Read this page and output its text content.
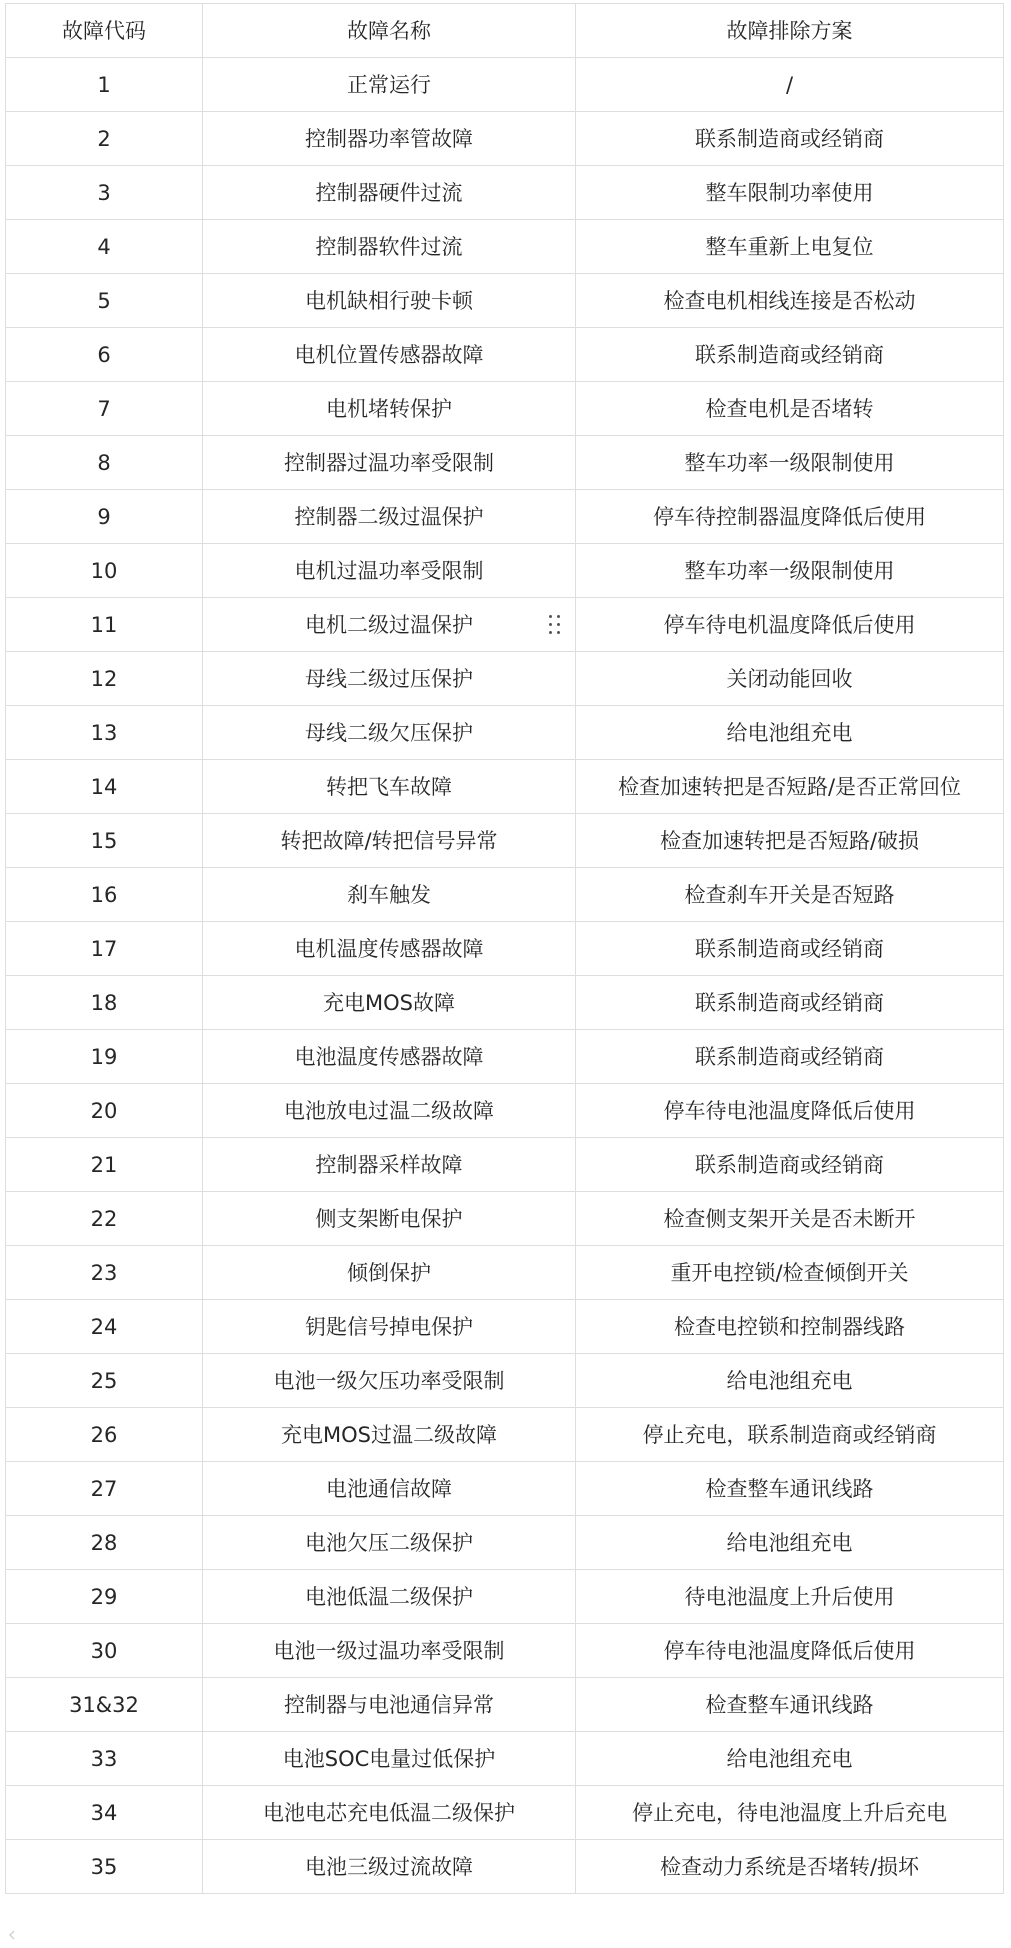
故障代码	故障名称	故障排除方案
1	正常运行	/
2	控制器功率管故障	联系制造商或经销商
3	控制器硬件过流	整车限制功率使用
4	控制器软件过流	整车重新上电复位
5	电机缺相行驶卡顿	检查电机相线连接是否松动
6	电机位置传感器故障	联系制造商或经销商
7	电机堵转保护	检查电机是否堵转
8	控制器过温功率受限制	整车功率一级限制使用
9	控制器二级过温保护	停车待控制器温度降低后使用
10	电机过温功率受限制	整车功率一级限制使用
11	电机二级过温保护	停车待电机温度降低后使用
12	母线二级过压保护	关闭动能回收
13	母线二级欠压保护	给电池组充电
14	转把飞车故障	检查加速转把是否短路/是否正常回位
15	转把故障/转把信号异常	检查加速转把是否短路/破损
16	刹车触发	检查刹车开关是否短路
17	电机温度传感器故障	联系制造商或经销商
18	充电MOS故障	联系制造商或经销商
19	电池温度传感器故障	联系制造商或经销商
20	电池放电过温二级故障	停车待电池温度降低后使用
21	控制器采样故障	联系制造商或经销商
22	侧支架断电保护	检查侧支架开关是否未断开
23	倾倒保护	重开电控锁/检查倾倒开关
24	钥匙信号掉电保护	检查电控锁和控制器线路
25	电池一级欠压功率受限制	给电池组充电
26	充电MOS过温二级故障	停止充电，联系制造商或经销商
27	电池通信故障	检查整车通讯线路
28	电池欠压二级保护	给电池组充电
29	电池低温二级保护	待电池温度上升后使用
30	电池一级过温功率受限制	停车待电池温度降低后使用
31&32	控制器与电池通信异常	检查整车通讯线路
33	电池SOC电量过低保护	给电池组充电
34	电池电芯充电低温二级保护	停止充电，待电池温度上升后充电
35	电池三级过流故障	检查动力系统是否堵转/损坏
